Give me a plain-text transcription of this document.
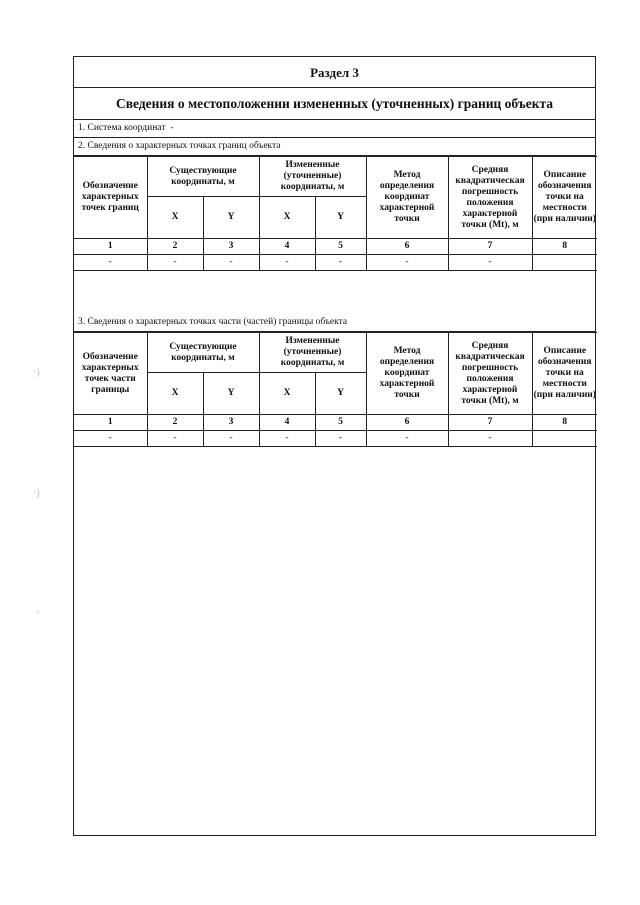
·)
·)
,
Раздел 3
Сведения о местоположении измененных (уточненных) границ объекта
1. Система координат -
2. Сведения о характерных точках границ объекта
Обозначение характерных точек границ	Существующие координаты, м		Измененные (уточненные) координаты, м		Метод определения координат характерной точки	Средняя квадратическая погрешность положения характерной точки (Mt), м	Описание обозначения точки на местности (при наличии)
	X	Y	X	Y			
1	2	3	4	5	6	7	8
-	-	-	-	-	-	-	
3. Сведения о характерных точках части (частей) границы объекта
Обозначение характерных точек части границы	Существующие координаты, м		Измененные (уточненные) координаты, м		Метод определения координат характерной точки	Средняя квадратическая погрешность положения характерной точки (Mt), м	Описание обозначения точки на местности (при наличии)
	X	Y	X	Y			
1	2	3	4	5	6	7	8
-	-	-	-	-	-	-	
